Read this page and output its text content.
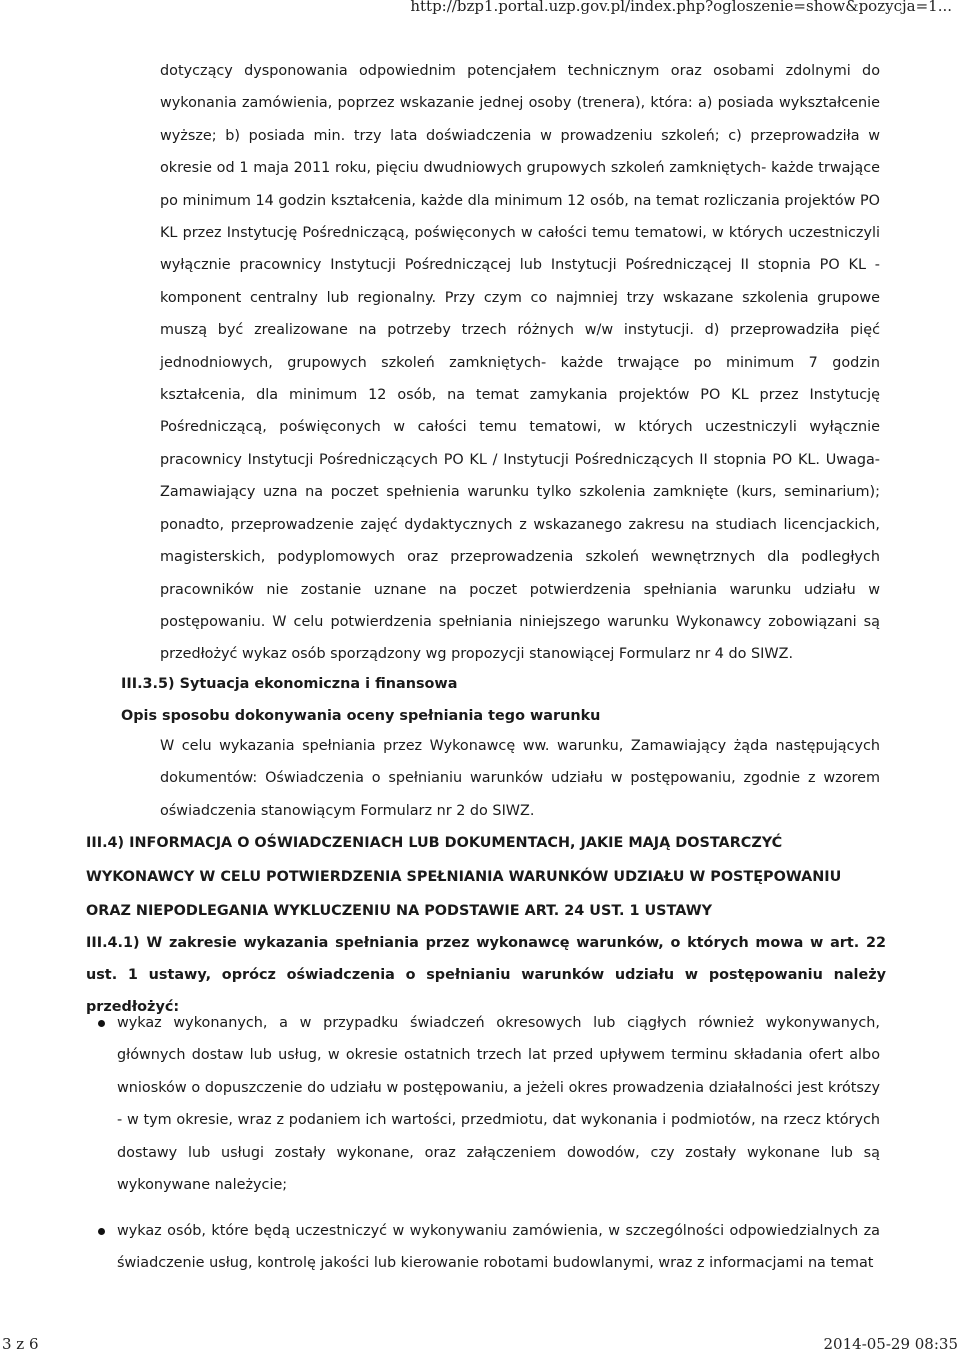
http://bzp1.portal.uzp.gov.pl/index.php?ogloszenie=show&pozycja=1...

dotyczący dysponowania odpowiednim potencjałem technicznym oraz osobami zdolnymi do wykonania zamówienia, poprzez wskazanie jednej osoby (trenera), która: a) posiada wykształcenie wyższe; b) posiada min. trzy lata doświadczenia w prowadzeniu szkoleń; c) przeprowadziła w okresie od 1 maja 2011 roku, pięciu dwudniowych grupowych szkoleń zamkniętych- każde trwające po minimum 14 godzin kształcenia, każde dla minimum 12 osób, na temat rozliczania projektów PO KL przez Instytucję Pośredniczącą, poświęconych w całości temu tematowi, w których uczestniczyli wyłącznie pracownicy Instytucji Pośredniczącej lub Instytucji Pośredniczącej II stopnia PO KL - komponent centralny lub regionalny. Przy czym co najmniej trzy wskazane szkolenia grupowe muszą być zrealizowane na potrzeby trzech różnych w/w instytucji. d) przeprowadziła pięć jednodniowych, grupowych szkoleń zamkniętych- każde trwające po minimum 7 godzin kształcenia, dla minimum 12 osób, na temat zamykania projektów PO KL przez Instytucję Pośredniczącą, poświęconych w całości temu tematowi, w których uczestniczyli wyłącznie pracownicy Instytucji Pośredniczących PO KL / Instytucji Pośredniczących II stopnia PO KL. Uwaga- Zamawiający uzna na poczet spełnienia warunku tylko szkolenia zamknięte (kurs, seminarium); ponadto, przeprowadzenie zajęć dydaktycznych z wskazanego zakresu na studiach licencjackich, magisterskich, podyplomowych oraz przeprowadzenia szkoleń wewnętrznych dla podległych pracowników nie zostanie uznane na poczet potwierdzenia spełniania warunku udziału w postępowaniu. W celu potwierdzenia spełniania niniejszego warunku Wykonawcy zobowiązani są przedłożyć wykaz osób sporządzony wg propozycji stanowiącej Formularz nr 4 do SIWZ.

III.3.5) Sytuacja ekonomiczna i finansowa

Opis sposobu dokonywania oceny spełniania tego warunku

W celu wykazania spełniania przez Wykonawcę ww. warunku, Zamawiający żąda następujących dokumentów: Oświadczenia o spełnianiu warunków udziału w postępowaniu, zgodnie z wzorem oświadczenia stanowiącym Formularz nr 2 do SIWZ.

III.4) INFORMACJA O OŚWIADCZENIACH LUB DOKUMENTACH, JAKIE MAJĄ DOSTARCZYĆ WYKONAWCY W CELU POTWIERDZENIA SPEŁNIANIA WARUNKÓW UDZIAŁU W POSTĘPOWANIU ORAZ NIEPODLEGANIA WYKLUCZENIU NA PODSTAWIE ART. 24 UST. 1 USTAWY

III.4.1) W zakresie wykazania spełniania przez wykonawcę warunków, o których mowa w art. 22 ust. 1 ustawy, oprócz oświadczenia o spełnianiu warunków udziału w postępowaniu należy przedłożyć:

wykaz wykonanych, a w przypadku świadczeń okresowych lub ciągłych również wykonywanych, głównych dostaw lub usług, w okresie ostatnich trzech lat przed upływem terminu składania ofert albo wniosków o dopuszczenie do udziału w postępowaniu, a jeżeli okres prowadzenia działalności jest krótszy - w tym okresie, wraz z podaniem ich wartości, przedmiotu, dat wykonania i podmiotów, na rzecz których dostawy lub usługi zostały wykonane, oraz załączeniem dowodów, czy zostały wykonane lub są wykonywane należycie;
wykaz osób, które będą uczestniczyć w wykonywaniu zamówienia, w szczególności odpowiedzialnych za świadczenie usług, kontrolę jakości lub kierowanie robotami budowlanymi, wraz z informacjami na temat
3 z 6	2014-05-29 08:35
